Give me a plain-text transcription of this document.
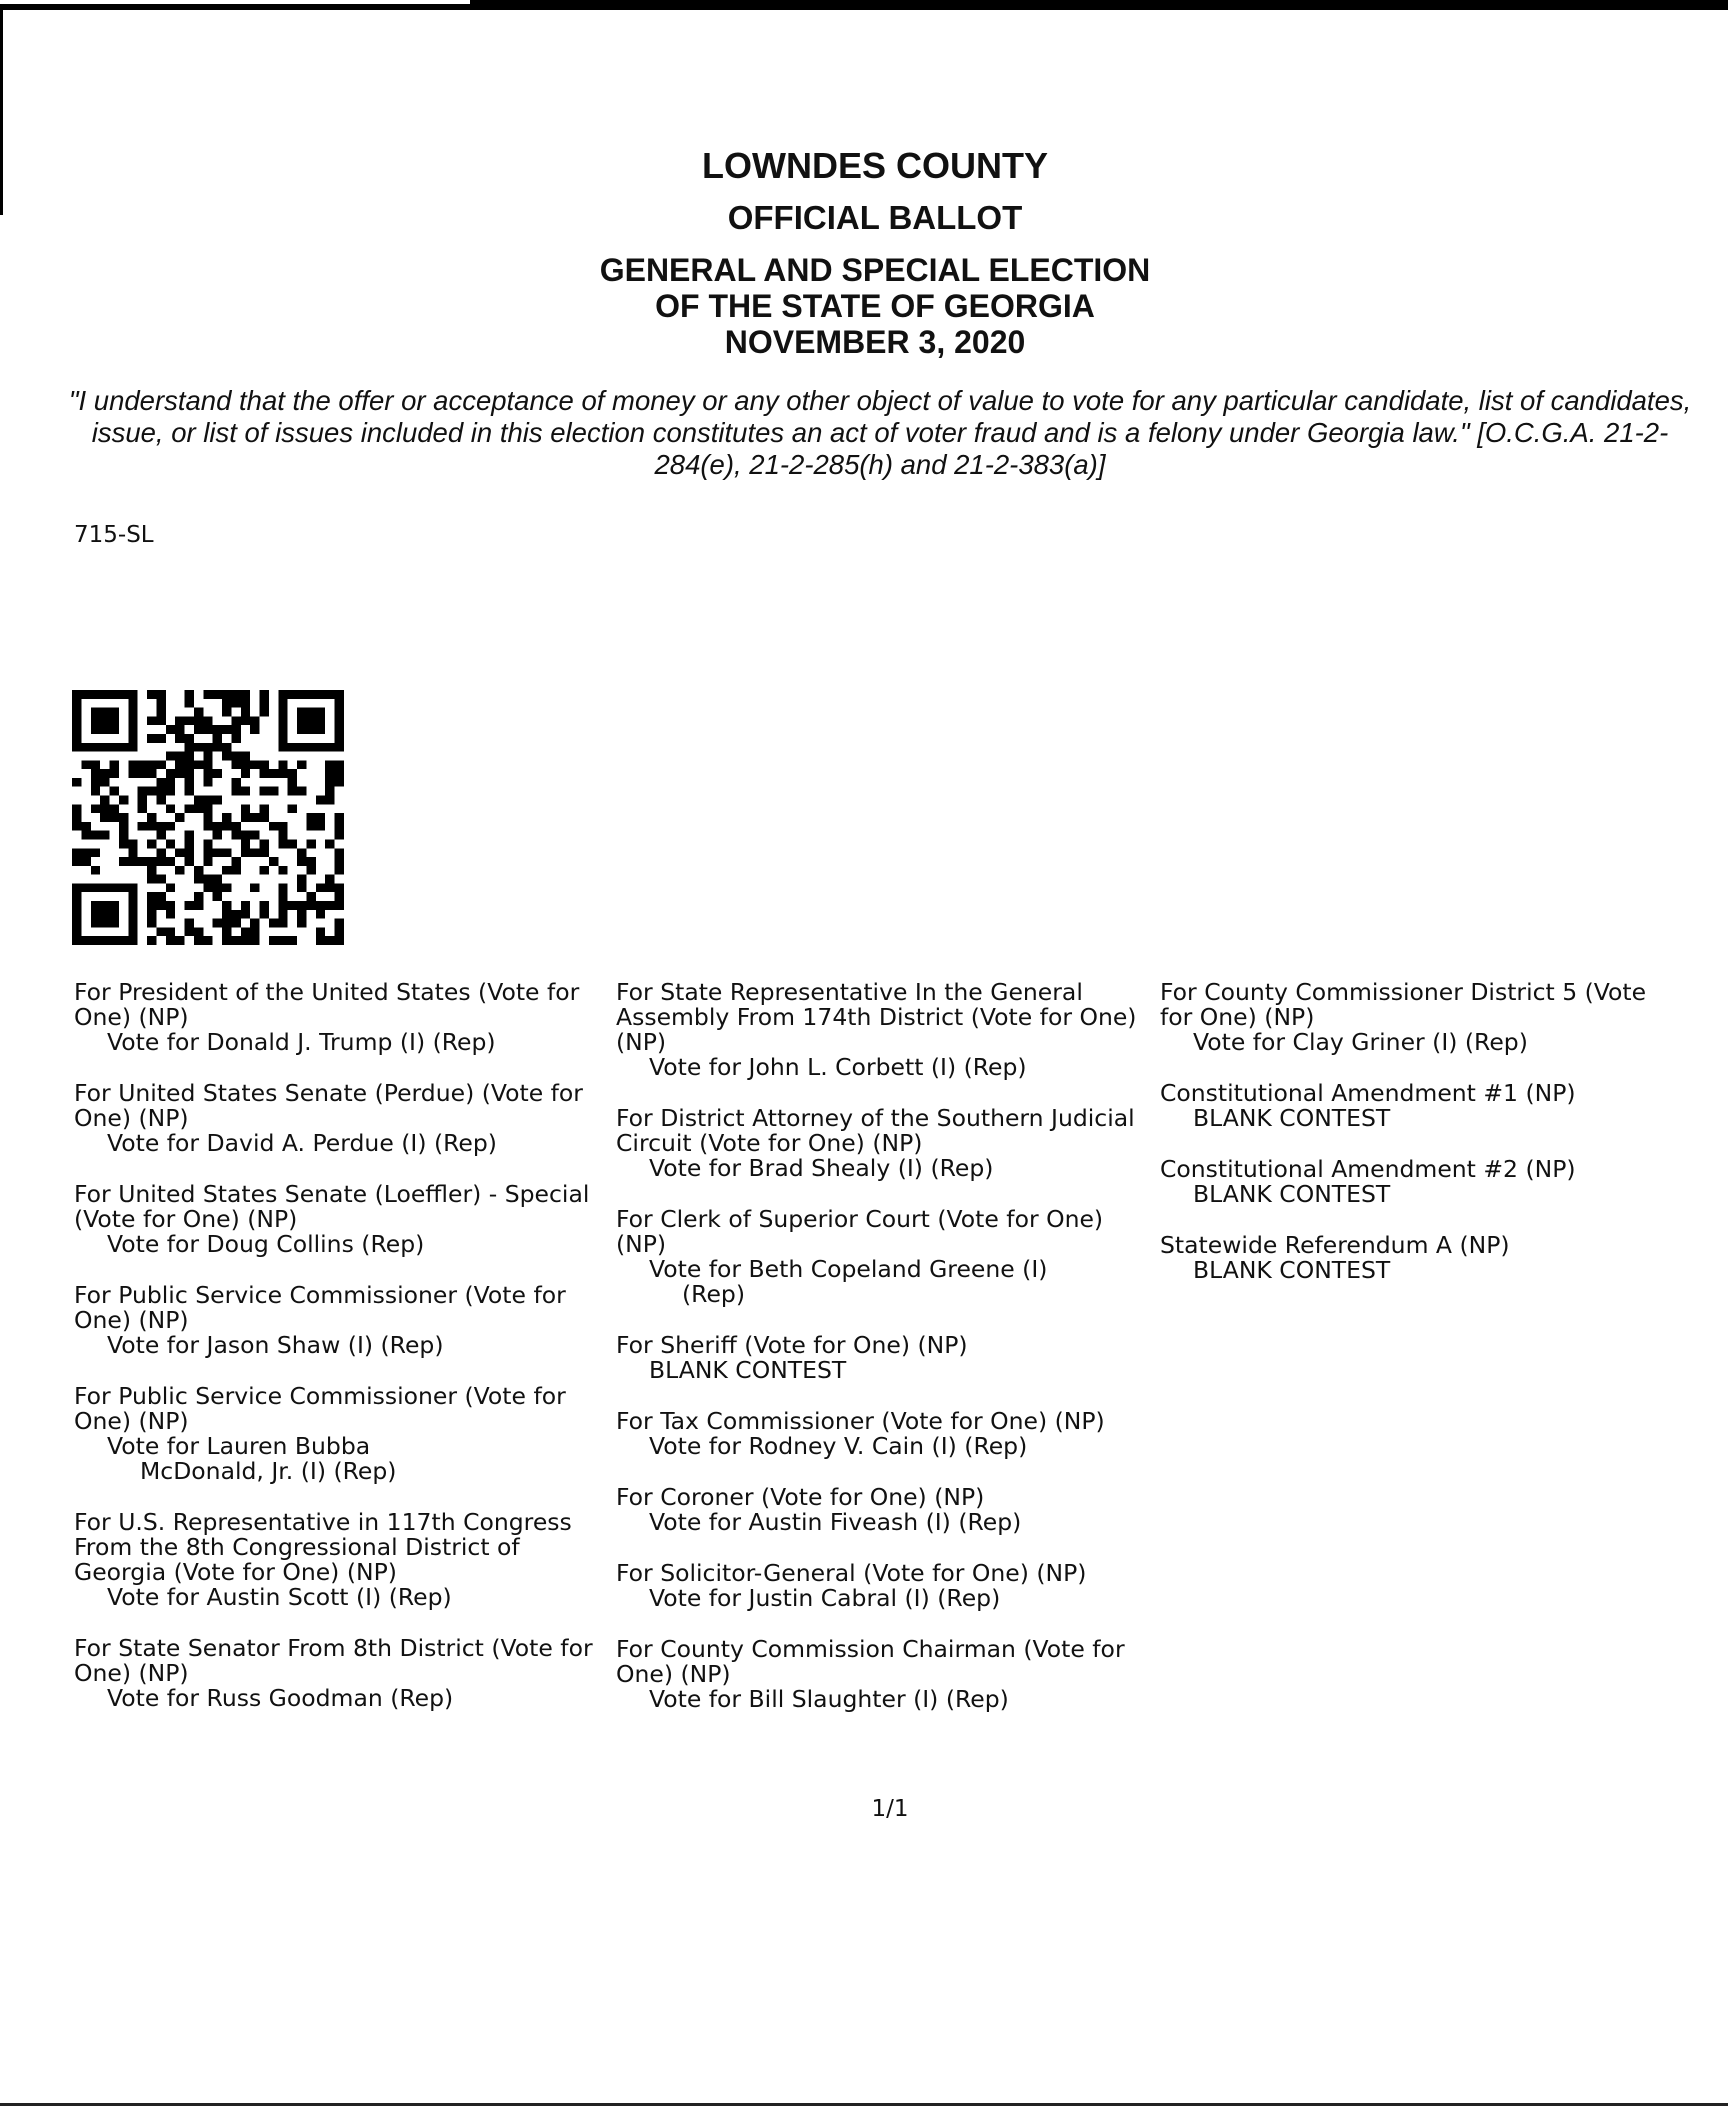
LOWNDES COUNTY
OFFICIAL BALLOT
GENERAL AND SPECIAL ELECTION
OF THE STATE OF GEORGIA
NOVEMBER 3, 2020
"I understand that the offer or acceptance of money or any other object of value to vote for any particular candidate, list of candidates, issue, or list of issues included in this election constitutes an act of voter fraud and is a felony under Georgia law." [O.C.G.A. 21-2-284(e), 21-2-285(h) and 21-2-383(a)]
715-SL
For President of the United States (Vote for One) (NP)
Vote for Donald J. Trump (I) (Rep)
For United States Senate (Perdue) (Vote for One) (NP)
Vote for David A. Perdue (I) (Rep)
For United States Senate (Loeffler) - Special (Vote for One) (NP)
Vote for Doug Collins (Rep)
For Public Service Commissioner (Vote for One) (NP)
Vote for Jason Shaw (I) (Rep)
For Public Service Commissioner (Vote for One) (NP)
Vote for Lauren Bubba
McDonald, Jr. (I) (Rep)
For U.S. Representative in 117th Congress From the 8th Congressional District of Georgia (Vote for One) (NP)
Vote for Austin Scott (I) (Rep)
For State Senator From 8th District (Vote for One) (NP)
Vote for Russ Goodman (Rep)
For State Representative In the General Assembly From 174th District (Vote for One) (NP)
Vote for John L. Corbett (I) (Rep)
For District Attorney of the Southern Judicial Circuit (Vote for One) (NP)
Vote for Brad Shealy (I) (Rep)
For Clerk of Superior Court (Vote for One) (NP)
Vote for Beth Copeland Greene (I)
(Rep)
For Sheriff (Vote for One) (NP)
BLANK CONTEST
For Tax Commissioner (Vote for One) (NP)
Vote for Rodney V. Cain (I) (Rep)
For Coroner (Vote for One) (NP)
Vote for Austin Fiveash (I) (Rep)
For Solicitor-General (Vote for One) (NP)
Vote for Justin Cabral (I) (Rep)
For County Commission Chairman (Vote for One) (NP)
Vote for Bill Slaughter (I) (Rep)
For County Commissioner District 5 (Vote
for One) (NP)
Vote for Clay Griner (I) (Rep)
Constitutional Amendment #1 (NP)
BLANK CONTEST
Constitutional Amendment #2 (NP)
BLANK CONTEST
Statewide Referendum A (NP)
BLANK CONTEST
1/1
